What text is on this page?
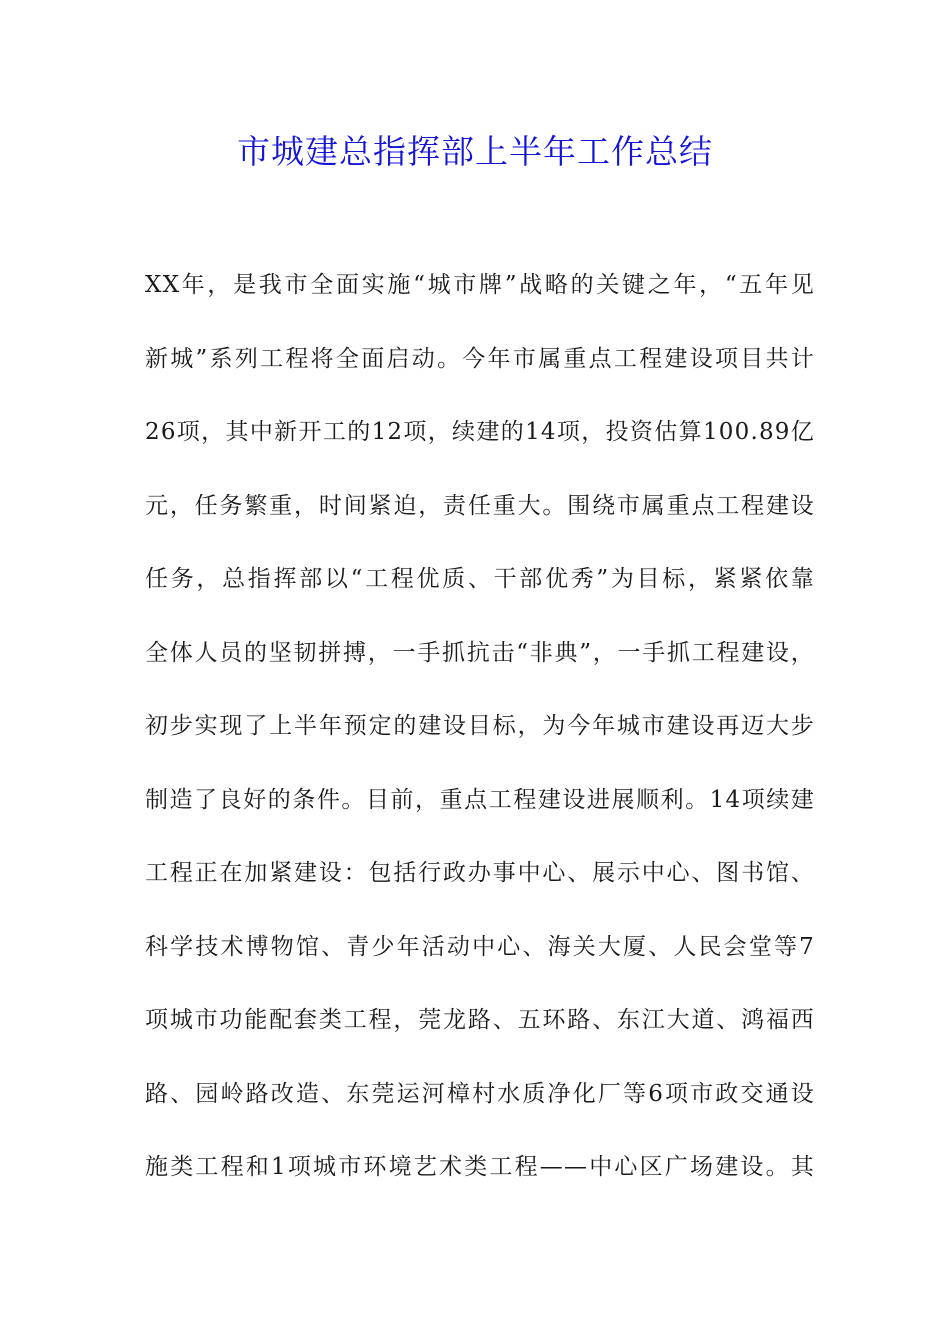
市城建总指挥部上半年工作总结
XX年，是我市全面实施“城市牌”战略的关键之年，“五年见
新城”系列工程将全面启动。今年市属重点工程建设项目共计
26项，其中新开工的12项，续建的14项，投资估算100.89亿
元，任务繁重，时间紧迫，责任重大。围绕市属重点工程建设
任务，总指挥部以“工程优质、干部优秀”为目标，紧紧依靠
全体人员的坚韧拼搏，一手抓抗击“非典”，一手抓工程建设，
初步实现了上半年预定的建设目标，为今年城市建设再迈大步
制造了良好的条件。目前，重点工程建设进展顺利。14项续建
工程正在加紧建设：包括行政办事中心、展示中心、图书馆、
科学技术博物馆、青少年活动中心、海关大厦、人民会堂等7
项城市功能配套类工程，莞龙路、五环路、东江大道、鸿福西
路、园岭路改造、东莞运河樟村水质净化厂等6项市政交通设
施类工程和1项城市环境艺术类工程——中心区广场建设。其
